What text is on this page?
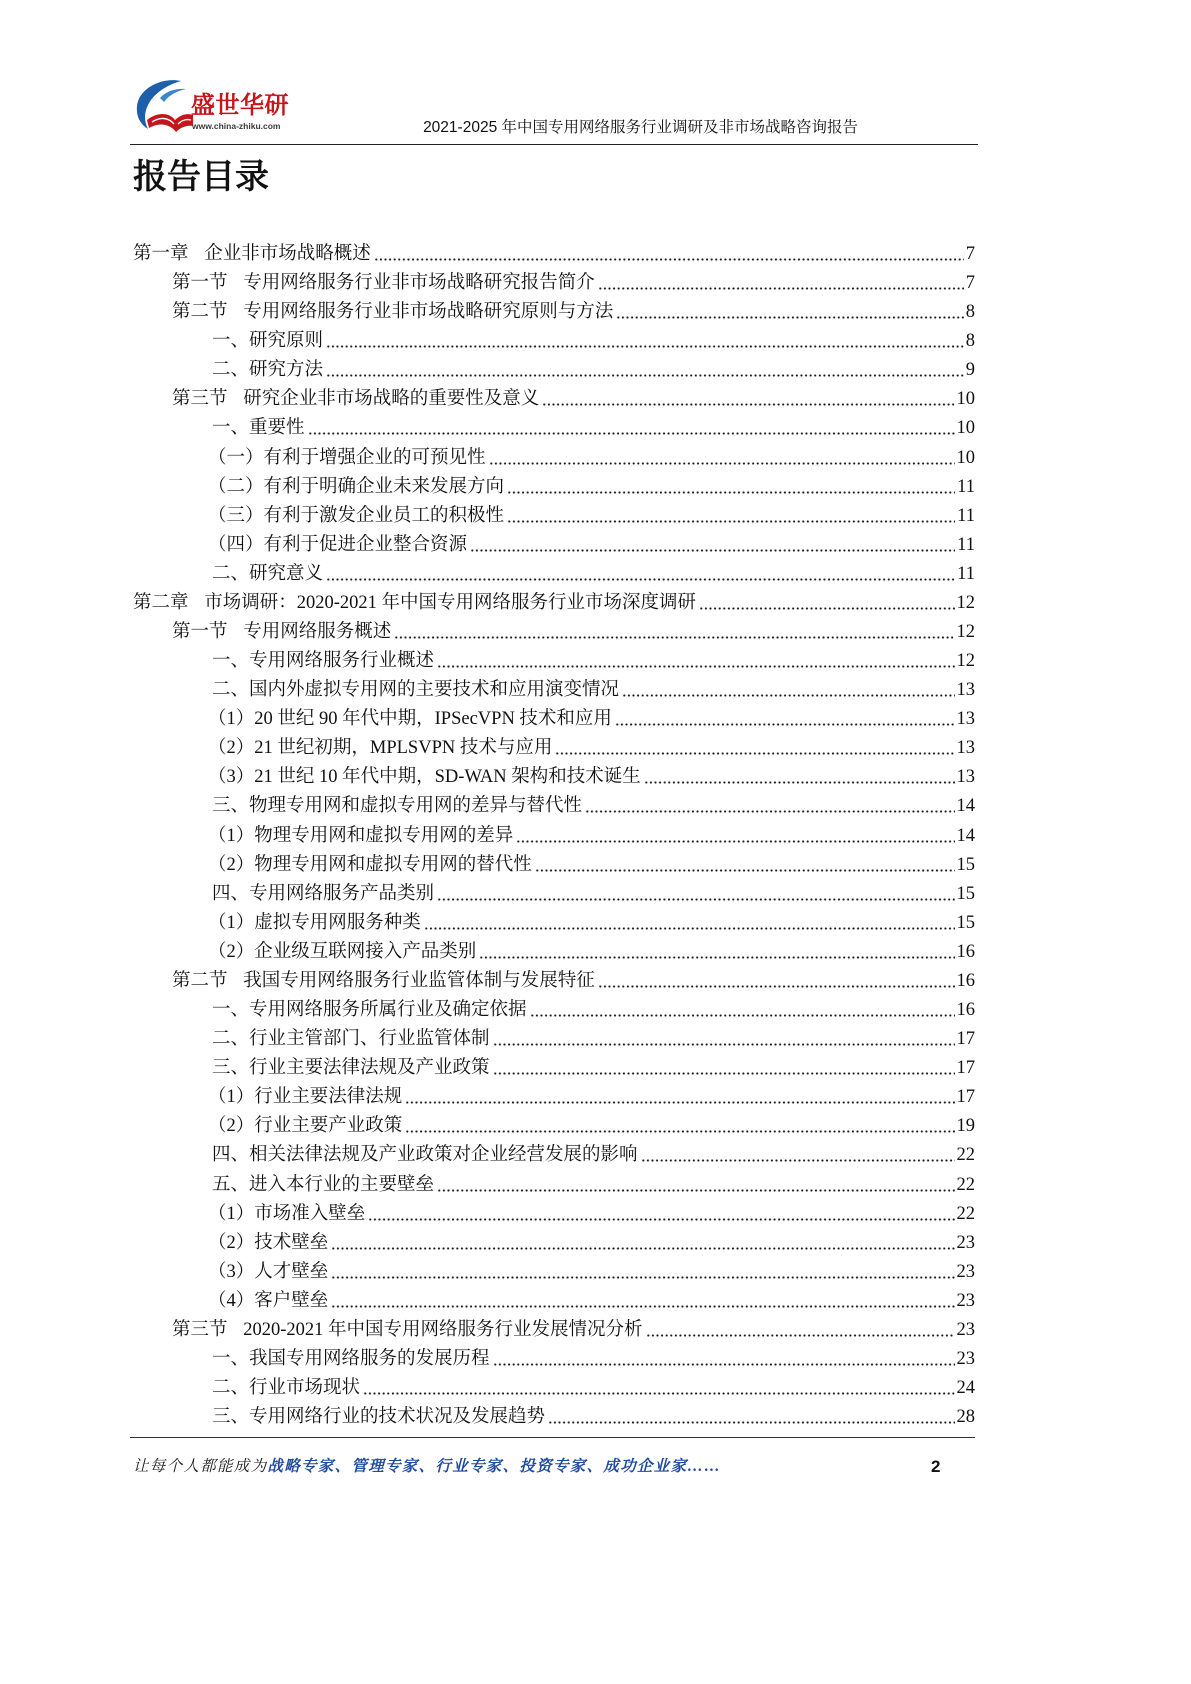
盛世华研
www.china-zhiku.com	2021-2025 年中国专用网络服务行业调研及非市场战略咨询报告
报告目录
第一章 企业非市场战略概述	7
第一节 专用网络服务行业非市场战略研究报告简介	7
第二节 专用网络服务行业非市场战略研究原则与方法	8
一、研究原则	8
二、研究方法	9
第三节 研究企业非市场战略的重要性及意义	10
一、重要性	10
（一）有利于增强企业的可预见性	10
（二）有利于明确企业未来发展方向	11
（三）有利于激发企业员工的积极性	11
（四）有利于促进企业整合资源	11
二、研究意义	11
第二章 市场调研：2020-2021 年中国专用网络服务行业市场深度调研	12
第一节 专用网络服务概述	12
一、专用网络服务行业概述	12
二、国内外虚拟专用网的主要技术和应用演变情况	13
（1）20 世纪 90 年代中期，IPSecVPN 技术和应用	13
（2）21 世纪初期，MPLSVPN 技术与应用	13
（3）21 世纪 10 年代中期，SD-WAN 架构和技术诞生	13
三、物理专用网和虚拟专用网的差异与替代性	14
（1）物理专用网和虚拟专用网的差异	14
（2）物理专用网和虚拟专用网的替代性	15
四、专用网络服务产品类别	15
（1）虚拟专用网服务种类	15
（2）企业级互联网接入产品类别	16
第二节 我国专用网络服务行业监管体制与发展特征	16
一、专用网络服务所属行业及确定依据	16
二、行业主管部门、行业监管体制	17
三、行业主要法律法规及产业政策	17
（1）行业主要法律法规	17
（2）行业主要产业政策	19
四、相关法律法规及产业政策对企业经营发展的影响	22
五、进入本行业的主要壁垒	22
（1）市场准入壁垒	22
（2）技术壁垒	23
（3）人才壁垒	23
（4）客户壁垒	23
第三节 2020-2021 年中国专用网络服务行业发展情况分析	23
一、我国专用网络服务的发展历程	23
二、行业市场现状	24
三、专用网络行业的技术状况及发展趋势	28
让每个人都能成为战略专家、管理专家、行业专家、投资专家、成功企业家……	2
